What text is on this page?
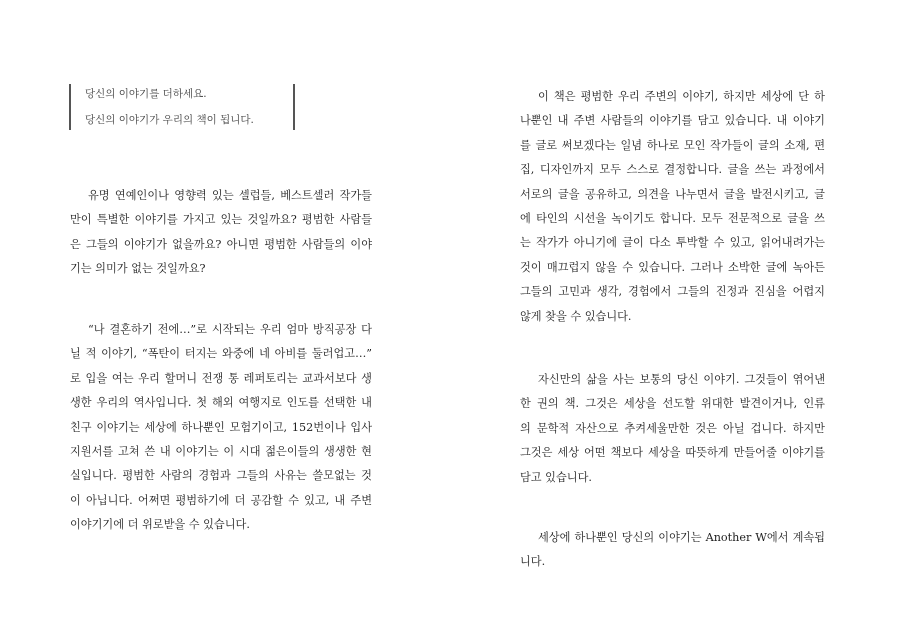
당신의 이야기를 더하세요.
당신의 이야기가 우리의 책이 됩니다.
유명 연예인이나 영향력 있는 셀럽들, 베스트셀러 작가들
만이 특별한 이야기를 가지고 있는 것일까요? 평범한 사람들
은 그들의 이야기가 없을까요? 아니면 평범한 사람들의 이야
기는 의미가 없는 것일까요?
“나 결혼하기 전에…”로 시작되는 우리 엄마 방직공장 다
닐 적 이야기, “폭탄이 터지는 와중에 네 아비를 둘러업고…”
로 입을 여는 우리 할머니 전쟁 통 레퍼토리는 교과서보다 생
생한 우리의 역사입니다. 첫 해외 여행지로 인도를 선택한 내
친구 이야기는 세상에 하나뿐인 모험기이고, 152번이나 입사
지원서를 고쳐 쓴 내 이야기는 이 시대 젊은이들의 생생한 현
실입니다. 평범한 사람의 경험과 그들의 사유는 쓸모없는 것
이 아닙니다. 어쩌면 평범하기에 더 공감할 수 있고, 내 주변
이야기기에 더 위로받을 수 있습니다.
이 책은 평범한 우리 주변의 이야기, 하지만 세상에 단 하
나뿐인 내 주변 사람들의 이야기를 담고 있습니다. 내 이야기
를 글로 써보겠다는 일념 하나로 모인 작가들이 글의 소재, 편
집, 디자인까지 모두 스스로 결정합니다. 글을 쓰는 과정에서
서로의 글을 공유하고, 의견을 나누면서 글을 발전시키고, 글
에 타인의 시선을 녹이기도 합니다. 모두 전문적으로 글을 쓰
는 작가가 아니기에 글이 다소 투박할 수 있고, 읽어내려가는
것이 매끄럽지 않을 수 있습니다. 그러나 소박한 글에 녹아든
그들의 고민과 생각, 경험에서 그들의 진정과 진심을 어렵지
않게 찾을 수 있습니다.
자신만의 삶을 사는 보통의 당신 이야기. 그것들이 엮어낸
한 권의 책. 그것은 세상을 선도할 위대한 발견이거나, 인류
의 문학적 자산으로 추켜세울만한 것은 아닐 겁니다. 하지만
그것은 세상 어떤 책보다 세상을 따뜻하게 만들어줄 이야기를
담고 있습니다.
세상에 하나뿐인 당신의 이야기는 Another W에서 계속됩
니다.
